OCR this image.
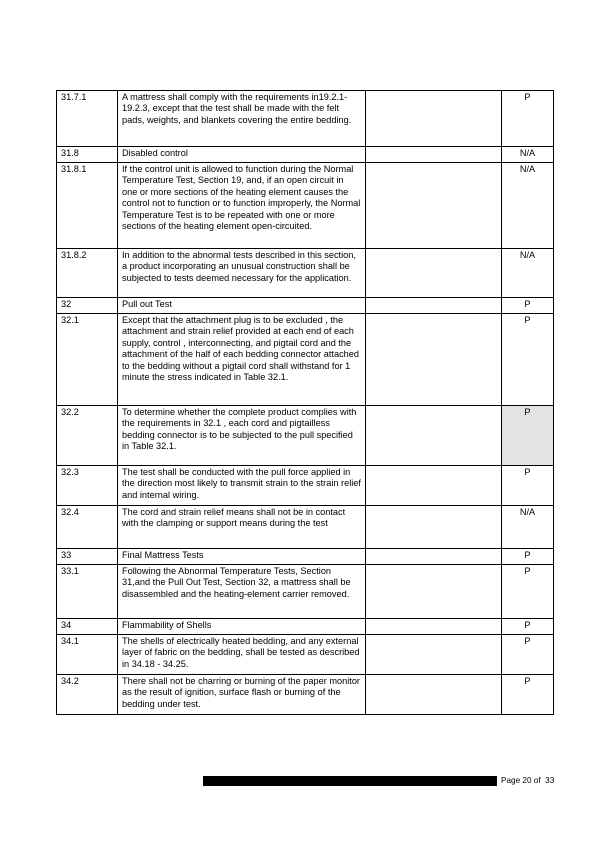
31.7.1	A mattress shall comply with the requirements in19.2.1- 19.2.3, except that the test shall be made with the felt pads, weights, and blankets covering the entire bedding.		P
31.8	Disabled control		N/A
31.8.1	If the control unit is allowed to function during the Normal Temperature Test, Section 19, and, if an open circuit in one or more sections of the heating element causes the control not to function or to function improperly, the Normal Temperature Test is to be repeated with one or more sections of the heating element open-circuited.		N/A
31.8.2	In addition to the abnormal tests described in this section, a product incorporating an unusual construction shall be subjected to tests deemed necessary for the application.		N/A
32	Pull out Test		P
32.1	Except that the attachment plug is to be excluded , the attachment and strain relief provided at each end of each supply, control , interconnecting, and pigtail cord and the attachment of the half of each bedding connector attached to the bedding without a pigtail cord shall withstand for 1 minute the stress indicated in Table 32.1.		P
32.2	To determine whether the complete product complies with the requirements in 32.1 , each cord and pigtailless bedding connector is to be subjected to the pull specified in Table 32.1.		P
32.3	The test shall be conducted with the pull force applied in the direction most likely to transmit strain to the strain relief and internal wiring.		P
32.4	The cord and strain relief means shall not be in contact with the clamping or support means during the test		N/A
33	Final Mattress Tests		P
33.1	Following the Abnormal Temperature Tests, Section 31,and the Pull Out Test, Section 32, a mattress shall be disassembled and the heating-element carrier removed.		P
34	Flammability of Shells		P
34.1	The shells of electrically heated bedding, and any external layer of fabric on the bedding, shall be tested as described in 34.18 - 34.25.		P
34.2	There shall not be charring or burning of the paper monitor as the result of ignition, surface flash or burning of the bedding under test.		P
Page 20 of  33
